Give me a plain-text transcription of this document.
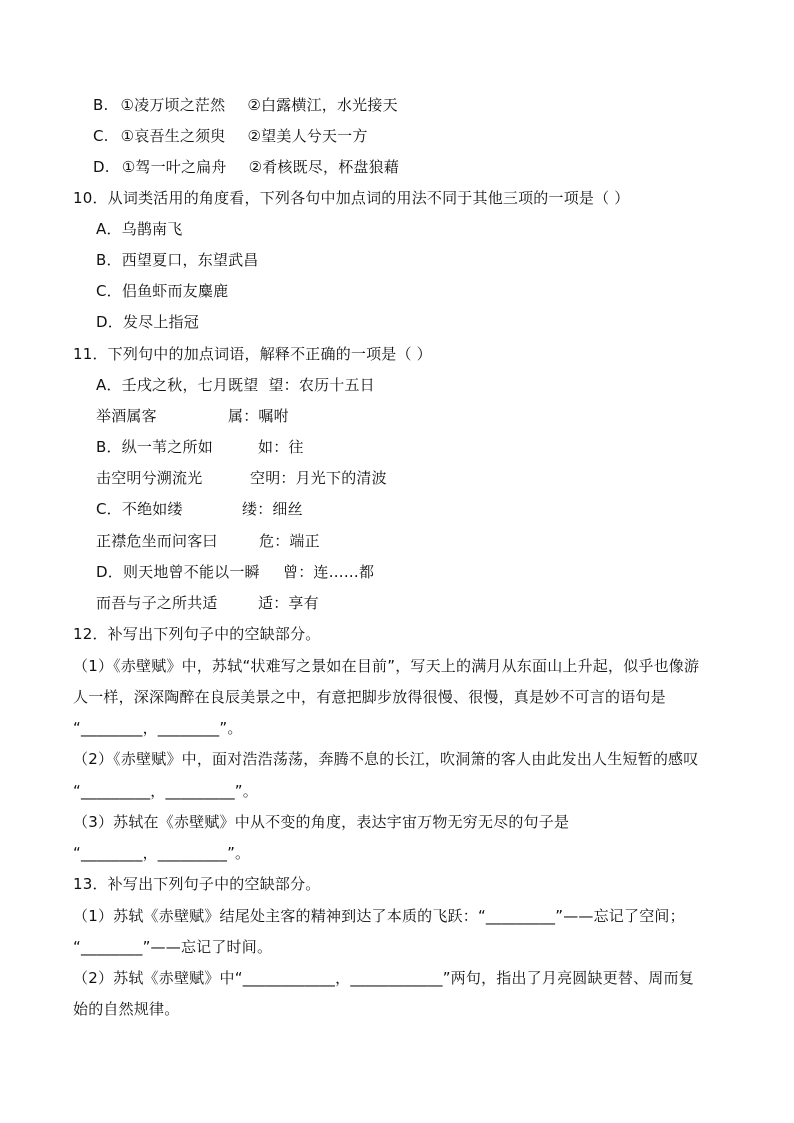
B. ①凌万顷之茫然 ②白露横江，水光接天
C. ①哀吾生之须臾 ②望美人兮天一方
D. ①驾一叶之扁舟 ②肴核既尽，杯盘狼藉
10．从词类活用的角度看，下列各句中加点词的用法不同于其他三项的一项是（ ）
A．乌鹊南飞
B．西望夏口，东望武昌
C．侣鱼虾而友麋鹿
D．发尽上指冠
11．下列句中的加点词语，解释不正确的一项是（ ）
A．壬戌之秋，七月既望 望：农历十五日
举酒属客	属：嘱咐
B．纵一苇之所如	如：往
击空明兮溯流光	空明：月光下的清波
C．不绝如缕	缕：细丝
正襟危坐而问客曰	危：端正
D．则天地曾不能以一瞬 曾：连……都
而吾与子之所共适	适：享有
12．补写出下列句子中的空缺部分。
（1）《赤壁赋》中，苏轼“状难写之景如在目前”，写天上的满月从东面山上升起，似乎也像游
人一样，深深陶醉在良辰美景之中，有意把脚步放得很慢、很慢，真是妙不可言的语句是
“________，________”。
（2）《赤壁赋》中，面对浩浩荡荡，奔腾不息的长江，吹洞箫的客人由此发出人生短暂的感叹
“_________，_________”。
（3）苏轼在《赤壁赋》中从不变的角度，表达宇宙万物无穷无尽的句子是
“________，_________”。
13．补写出下列句子中的空缺部分。
（1）苏轼《赤壁赋》结尾处主客的精神到达了本质的飞跃：“_________”——忘记了空间；
“________”——忘记了时间。
（2）苏轼《赤壁赋》中“____________，____________”两句，指出了月亮圆缺更替、周而复
始的自然规律。
